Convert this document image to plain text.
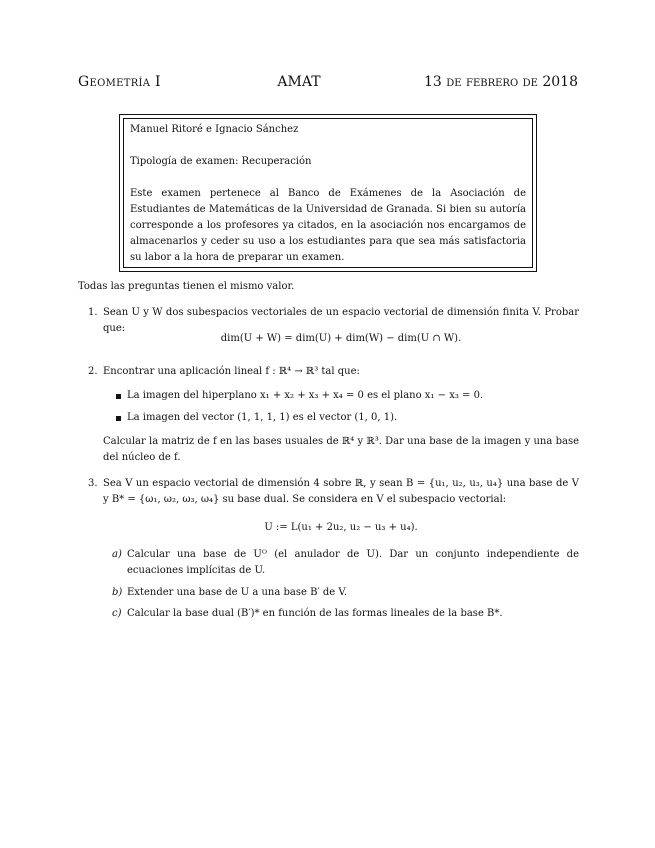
Geometría I	AMAT	13 de febrero de 2018

Manuel Ritoré e Ignacio Sánchez

Tipología de examen: Recuperación

Este examen pertenece al Banco de Exámenes de la Asociación de Estudiantes de Matemáticas de la Universidad de Granada. Si bien su autoría corresponde a los profesores ya citados, en la asociación nos encargamos de almacenarlos y ceder su uso a los estudiantes para que sea más satisfactoria su labor a la hora de preparar un examen.

Todas las preguntas tienen el mismo valor.
1. Sean U y W dos subespacios vectoriales de un espacio vectorial de dimensión finita V. Probar que:
dim(U + W) = dim(U) + dim(W) − dim(U ∩ W).
2. Encontrar una aplicación lineal f : ℝ⁴ → ℝ³ tal que:
La imagen del hiperplano x₁ + x₂ + x₃ + x₄ = 0 es el plano x₁ − x₃ = 0.
La imagen del vector (1, 1, 1, 1) es el vector (1, 0, 1).
Calcular la matriz de f en las bases usuales de ℝ⁴ y ℝ³. Dar una base de la imagen y una base del núcleo de f.
3. Sea V un espacio vectorial de dimensión 4 sobre ℝ, y sean B = {u₁, u₂, u₃, u₄} una base de V y B* = {ω₁, ω₂, ω₃, ω₄} su base dual. Se considera en V el subespacio vectorial:
U := L(u₁ + 2u₂, u₂ − u₃ + u₄).
a) Calcular una base de Uᴼ (el anulador de U). Dar un conjunto independiente de ecuaciones implícitas de U.
b) Extender una base de U a una base B′ de V.
c) Calcular la base dual (B′)* en función de las formas lineales de la base B*.
